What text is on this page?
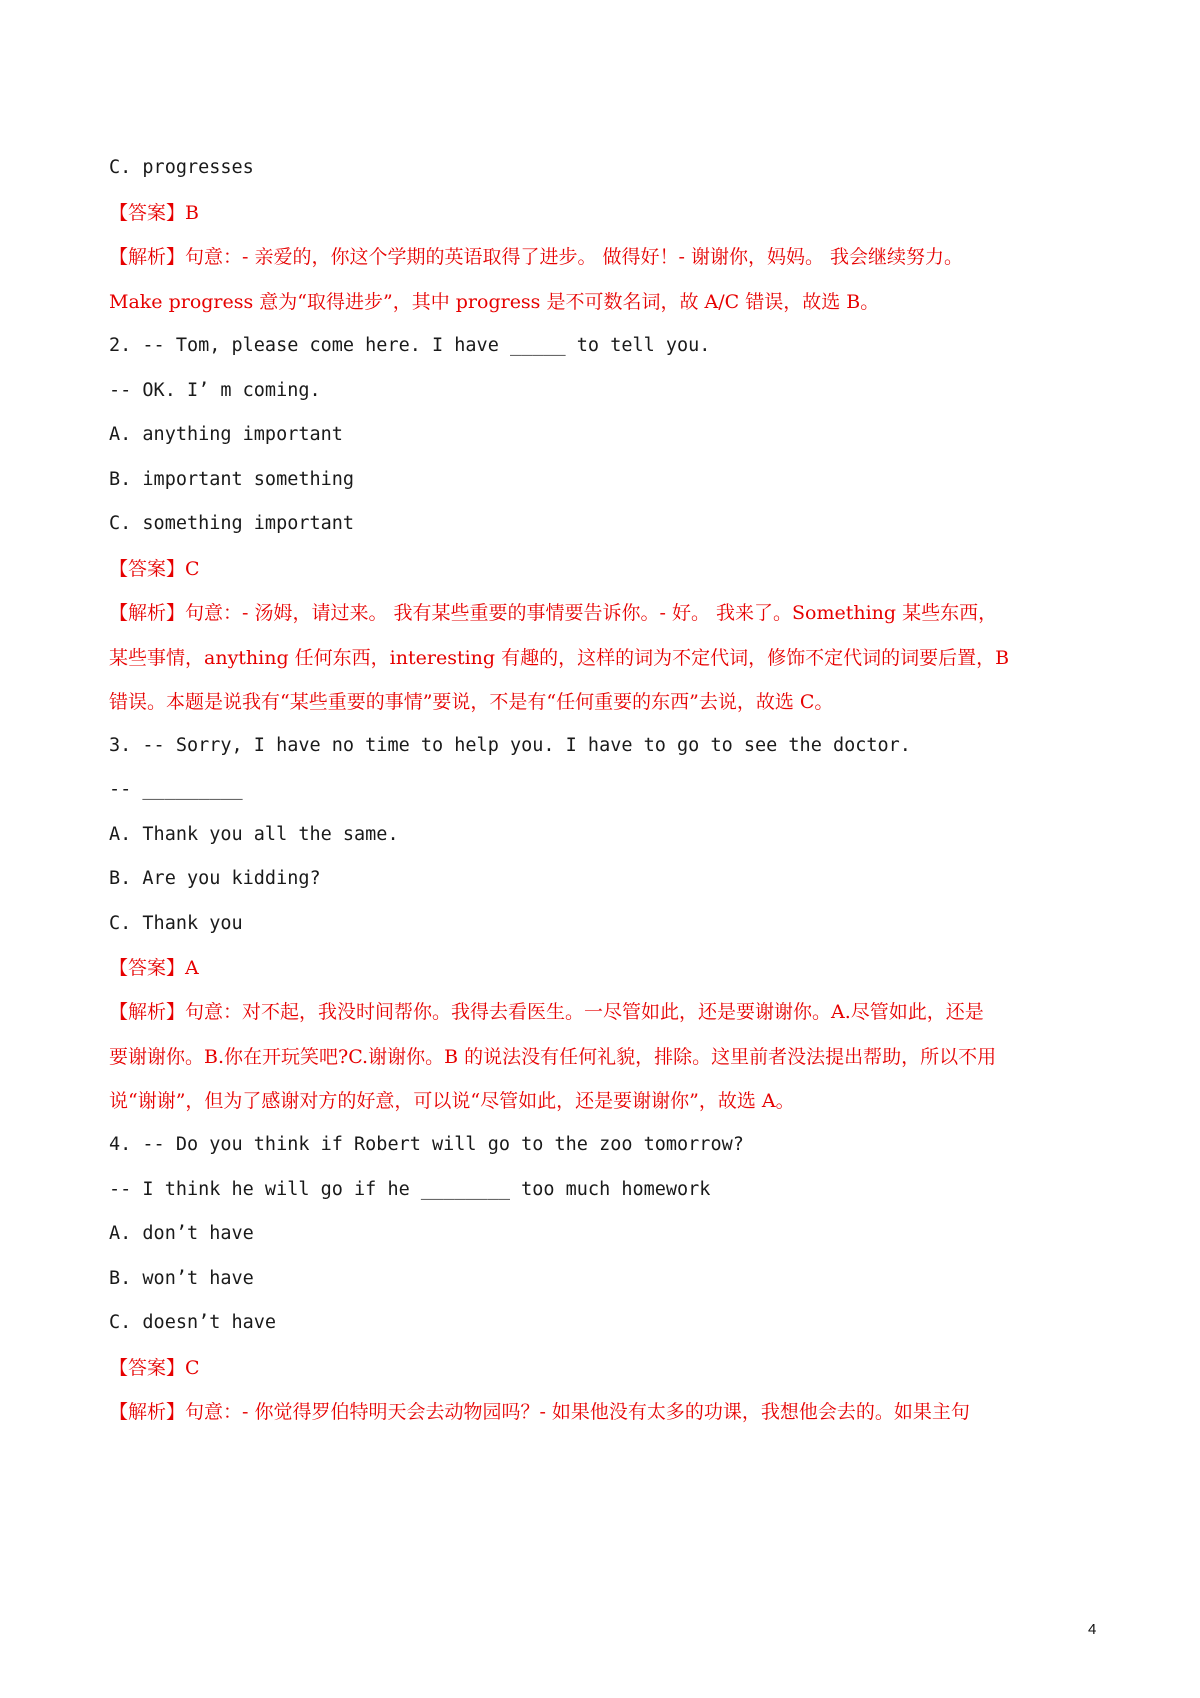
C. progresses
【答案】B
【解析】句意：- 亲爱的，你这个学期的英语取得了进步。 做得好！- 谢谢你，妈妈。 我会继续努力。
Make progress 意为“取得进步”，其中 progress 是不可数名词，故 A/C 错误，故选 B。
2. -- Tom, please come here. I have _____ to tell you.
-- OK. I’ m coming.
A. anything important
B. important something
C. something important
【答案】C
【解析】句意：- 汤姆，请过来。 我有某些重要的事情要告诉你。- 好。 我来了。Something 某些东西，
某些事情，anything 任何东西，interesting 有趣的，这样的词为不定代词，修饰不定代词的词要后置，B
错误。本题是说我有“某些重要的事情”要说，不是有“任何重要的东西”去说，故选 C。
3. -- Sorry, I have no time to help you. I have to go to see the doctor.
-- _________
A. Thank you all the same.
B. Are you kidding?
C. Thank you
【答案】A
【解析】句意：对不起，我没时间帮你。我得去看医生。一尽管如此，还是要谢谢你。A.尽管如此，还是
要谢谢你。B.你在开玩笑吧?C.谢谢你。B 的说法没有任何礼貌，排除。这里前者没法提出帮助，所以不用
说“谢谢”，但为了感谢对方的好意，可以说“尽管如此，还是要谢谢你”，故选 A。
4. -- Do you think if Robert will go to the zoo tomorrow?
-- I think he will go if he ________ too much homework
A. don’t have
B. won’t have
C. doesn’t have
【答案】C
【解析】句意：- 你觉得罗伯特明天会去动物园吗？- 如果他没有太多的功课，我想他会去的。如果主句
4
